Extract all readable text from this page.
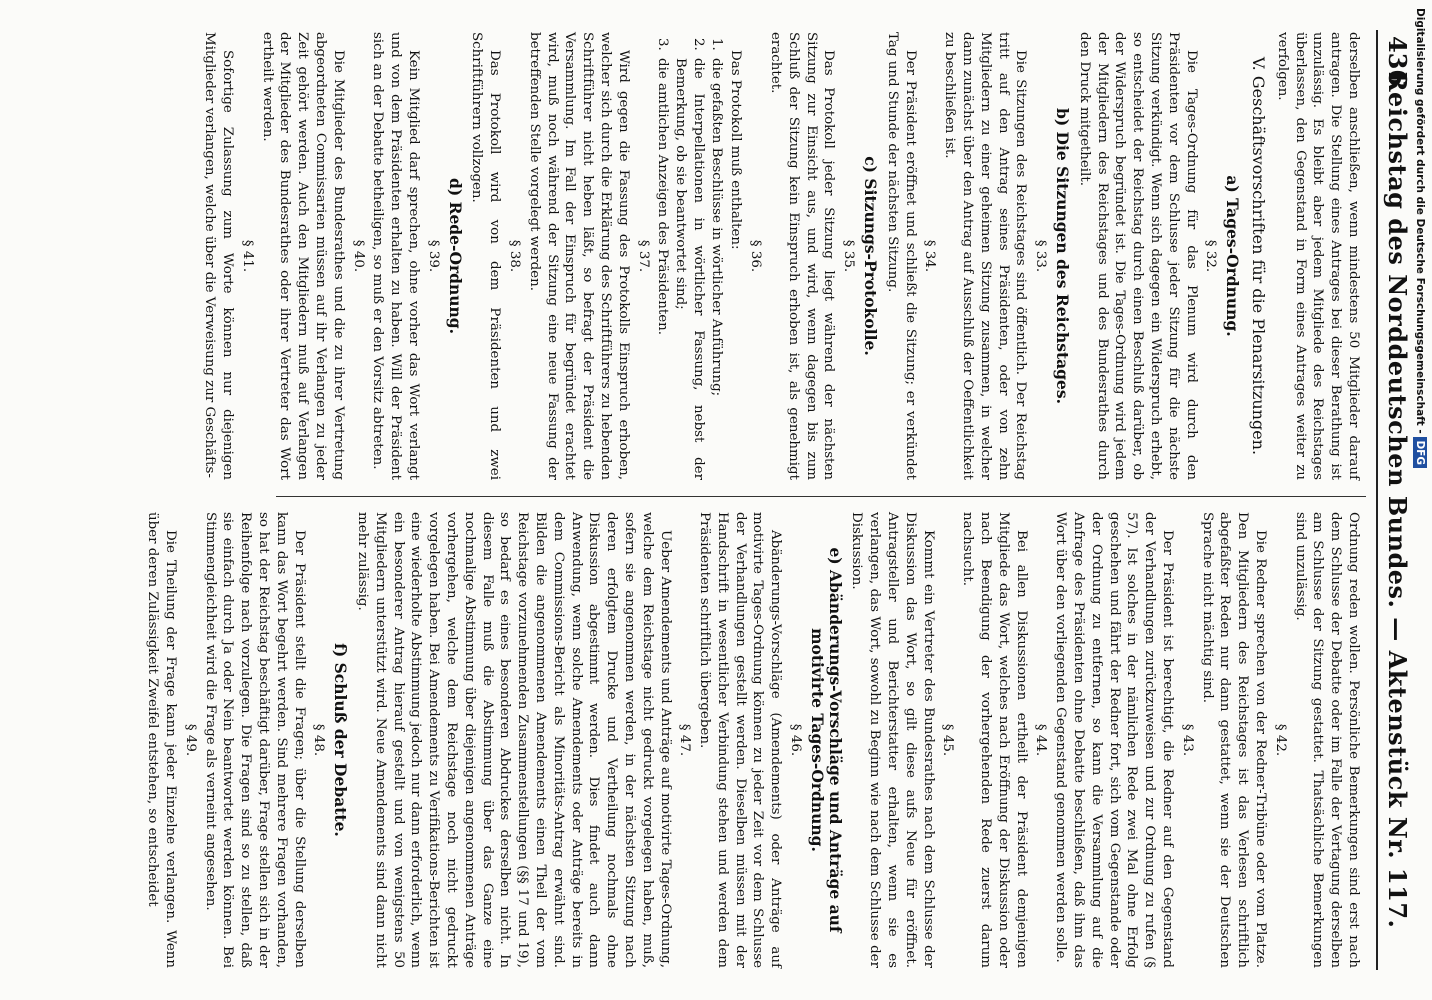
436
Reichstag des Norddeutschen Bundes. — Aktenstück Nr. 117.

derselben anschließen, wenn mindestens 50 Mitglieder darauf antragen. Die Stellung eines Antrages bei dieser Berathung ist unzulässig. Es bleibt aber jedem Mitgliede des Reichstages überlassen, den Gegenstand in Form eines Antrages weiter zu verfolgen.

V. Geschäftsvorschriften für die Plenarsitzungen.
a) Tages-Ordnung.
§ 32.

Die Tages-Ordnung für das Plenum wird durch den Präsidenten vor dem Schlusse jeder Sitzung für die nächste Sitzung verkündigt. Wenn sich dagegen ein Widerspruch erhebt, so entscheidet der Reichstag durch einen Beschluß darüber, ob der Widerspruch begründet ist. Die Tages-Ordnung wird jedem der Mitgliedern des Reichstages und des Bundesrathes durch den Druck mitgetheilt.

b) Die Sitzungen des Reichstages.
§ 33.

Die Sitzungen des Reichstages sind öffentlich. Der Reichstag tritt auf den Antrag seines Präsidenten, oder von zehn Mitgliedern zu einer geheimen Sitzung zusammen, in welcher dann zunächst über den Antrag auf Ausschluß der Oeffentlichkeit zu beschließen ist.

§ 34.

Der Präsident eröffnet und schließt die Sitzung; er verkündet Tag und Stunde der nächsten Sitzung.

c) Sitzungs-Protokolle.
§ 35.

Das Protokoll jeder Sitzung liegt während der nächsten Sitzung zur Einsicht aus, und wird, wenn dagegen bis zum Schluß der Sitzung kein Einspruch erhoben ist, als genehmigt erachtet.

§ 36.

Das Protokoll muß enthalten:

1.
die gefaßten Beschlüsse in wörtlicher Anführung;

2.
die Interpellationen in wörtlicher Fassung, nebst der Bemerkung, ob sie beantwortet sind;

3.
die amtlichen Anzeigen des Präsidenten.

§ 37.

Wird gegen die Fassung des Protokolls Einspruch erhoben, welcher sich durch die Erklärung des Schriftführers zu hebenden Schriftführer nicht heben läßt, so befragt der Präsident die Versammlung. Im Fall der Einspruch für begründet erachtet wird, muß noch während der Sitzung eine neue Fassung der betreffenden Stelle vorgelegt werden.

§ 38.

Das Protokoll wird von dem Präsidenten und zwei Schriftführern vollzogen.

d) Rede-Ordnung.
§ 39.

Kein Mitglied darf sprechen, ohne vorher das Wort verlangt und von dem Präsidenten erhalten zu haben. Will der Präsident sich an der Debatte betheiligen, so muß er den Vorsitz abtreten.

§ 40.

Die Mitglieder des Bundesrathes und die zu ihrer Vertretung abgeordneten Commissarien müssen auf ihr Verlangen zu jeder Zeit gehört werden. Auch den Mitgliedern muß auf Verlangen der Mitglieder des Bundesrathes oder ihrer Vertreter das Wort ertheilt werden.

§ 41.

Sofortige Zulassung zum Worte können nur diejenigen Mitglieder verlangen, welche über die Verweisung zur Geschäfts-

Ordnung reden wollen. Persönliche Bemerkungen sind erst nach dem Schlusse der Debatte oder im Falle der Vertagung derselben am Schlusse der Sitzung gestattet. Thatsächliche Bemerkungen sind unzulässig.

§ 42.

Die Redner sprechen von der Redner-Tribüne oder vom Platze. Den Mitgliedern des Reichstages ist das Verlesen schriftlich abgefaßter Reden nur dann gestattet, wenn sie der Deutschen Sprache nicht mächtig sind.

§ 43.

Der Präsident ist berechtigt, die Redner auf den Gegenstand der Verhandlungen zurückzuweisen und zur Ordnung zu rufen (§ 57). Ist solches in der nämlichen Rede zwei Mal ohne Erfolg geschehen und fährt der Redner fort, sich vom Gegenstande oder der Ordnung zu entfernen, so kann die Versammlung auf die Anfrage des Präsidenten ohne Debatte beschließen, daß ihm das Wort über den vorliegenden Gegenstand genommen werden solle.

§ 44.

Bei allen Diskussionen ertheilt der Präsident demjenigen Mitgliede das Wort, welches nach Eröffnung der Diskussion oder nach Beendigung der vorhergehenden Rede zuerst darum nachsucht.

§ 45.

Kommt ein Vertreter des Bundesrathes nach dem Schlusse der Diskussion das Wort, so gilt diese aufs Neue für eröffnet. Antragsteller und Berichterstatter erhalten, wenn sie es verlangen, das Wort, sowohl zu Beginn wie nach dem Schlusse der Diskussion.

e) Abänderungs-Vorschläge und Anträge auf motivirte Tages-Ordnung.
§ 46.

Abänderungs-Vorschläge (Amendements) oder Anträge auf motivirte Tages-Ordnung können zu jeder Zeit vor dem Schlusse der Verhandlungen gestellt werden. Dieselben müssen mit der Handschrift in wesentlicher Verbindung stehen und werden dem Präsidenten schriftlich übergeben.

§ 47.

Ueber Amendements und Anträge auf motivirte Tages-Ordnung, welche dem Reichstage nicht gedruckt vorgelegen haben, muß, sofern sie angenommen werden, in der nächsten Sitzung nach deren erfolgtem Drucke und Vertheilung nochmals ohne Diskussion abgestimmt werden. Dies findet auch dann Anwendung, wenn solche Amendements oder Anträge bereits in dem Commissions-Bericht als Minoritäts-Antrag erwähnt sind. Bilden die angenommenen Amendements einen Theil der vom Reichstage vorzunehmenden Zusammenstellungen (§§ 17 und 19), so bedarf es eines besonderen Abdruckes derselben nicht. In diesem Falle muß die Abstimmung über das Ganze eine nochmalige Abstimmung über diejenigen angenommenen Anträge vorhergehen, welche dem Reichstage noch nicht gedruckt vorgelegen haben. Bei Amendements zu Verifikations-Berichten ist eine wiederholte Abstimmung jedoch nur dann erforderlich, wenn ein besonderer Antrag hierauf gestellt und von wenigstens 50 Mitgliedern unterstützt wird. Neue Amendements sind dann nicht mehr zulässig.

f) Schluß der Debatte.
§ 48.

Der Präsident stellt die Fragen; über die Stellung derselben kann das Wort begehrt werden. Sind mehrere Fragen vorhanden, so hat der Reichstag beschäftigt darüber, Frage stellen sich in der Reihenfolge nach vorzulegen. Die Fragen sind so zu stellen, daß sie einfach durch Ja oder Nein beantwortet werden können. Bei Stimmengleichheit wird die Frage als verneint angesehen.

§ 49.

Die Theilung der Frage kann jeder Einzelne verlangen. Wenn über deren Zulässigkeit Zweifel entstehen, so entscheidet

Digitalisierung gefördert durch die Deutsche Forschungsgemeinschaft - DFG
